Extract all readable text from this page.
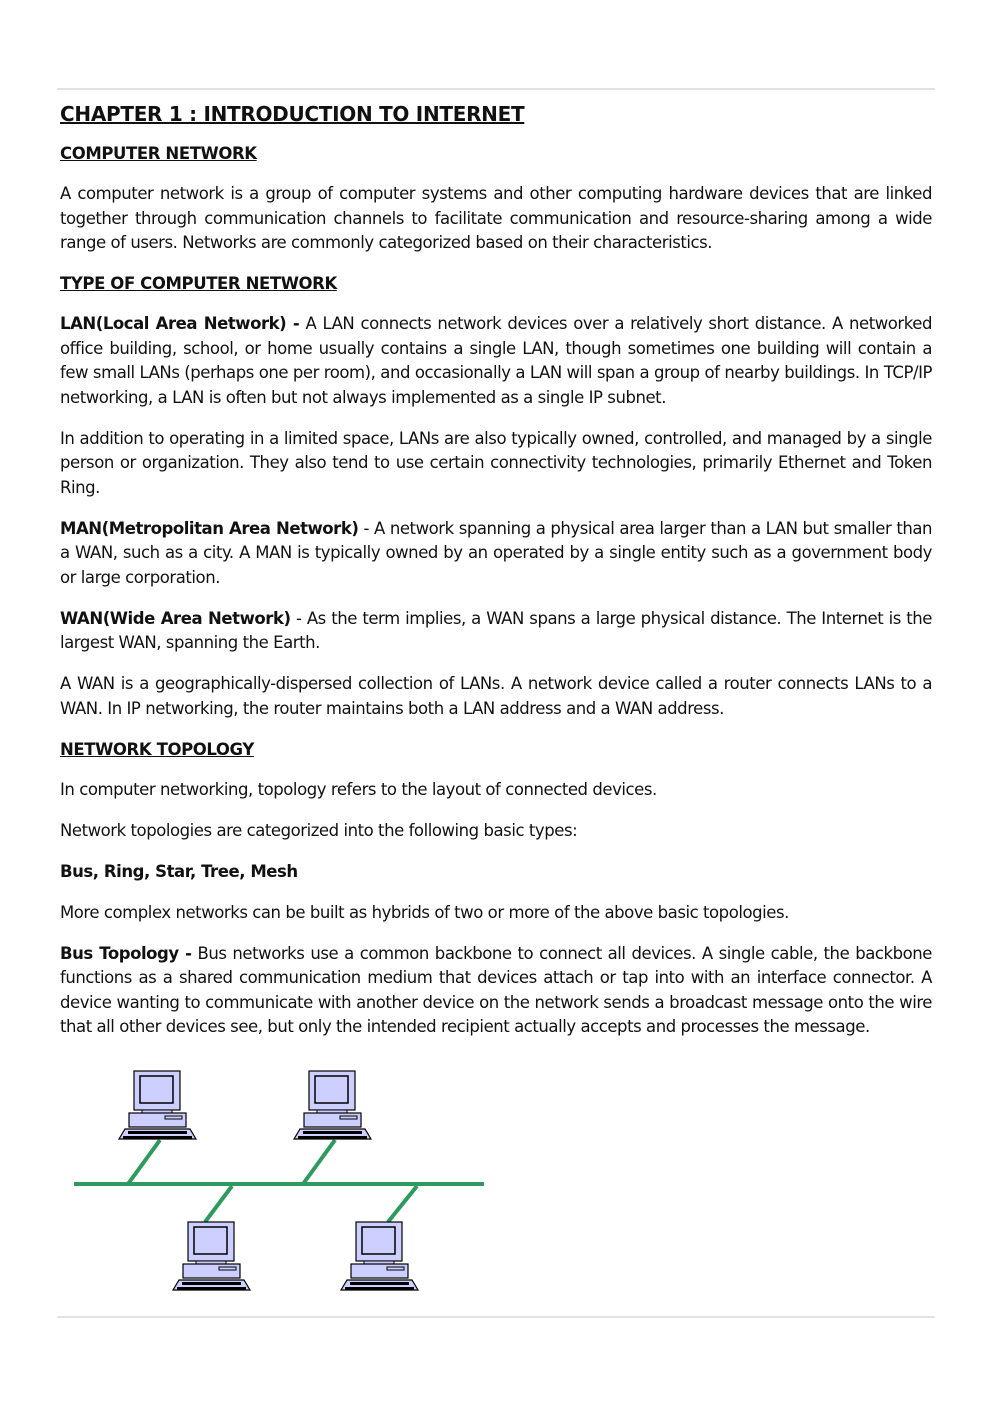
CHAPTER 1 : INTRODUCTION TO INTERNET
COMPUTER NETWORK

A computer network is a group of computer systems and other computing hardware devices that are linked together through communication channels to facilitate communication and resource-sharing among a wide range of users. Networks are commonly categorized based on their characteristics.

TYPE OF COMPUTER NETWORK

LAN(Local Area Network) - A LAN connects network devices over a relatively short distance. A networked office building, school, or home usually contains a single LAN, though sometimes one building will contain a few small LANs (perhaps one per room), and occasionally a LAN will span a group of nearby buildings. In TCP/IP networking, a LAN is often but not always implemented as a single IP subnet.

In addition to operating in a limited space, LANs are also typically owned, controlled, and managed by a single person or organization. They also tend to use certain connectivity technologies, primarily Ethernet and Token Ring.

MAN(Metropolitan Area Network) - A network spanning a physical area larger than a LAN but smaller than a WAN, such as a city. A MAN is typically owned by an operated by a single entity such as a government body or large corporation.

WAN(Wide Area Network) - As the term implies, a WAN spans a large physical distance. The Internet is the largest WAN, spanning the Earth.

A WAN is a geographically-dispersed collection of LANs. A network device called a router connects LANs to a WAN. In IP networking, the router maintains both a LAN address and a WAN address.

NETWORK TOPOLOGY

In computer networking, topology refers to the layout of connected devices.

Network topologies are categorized into the following basic types:

Bus, Ring, Star, Tree, Mesh

More complex networks can be built as hybrids of two or more of the above basic topologies.

Bus Topology - Bus networks use a common backbone to connect all devices. A single cable, the backbone functions as a shared communication medium that devices attach or tap into with an interface connector. A device wanting to communicate with another device on the network sends a broadcast message onto the wire that all other devices see, but only the intended recipient actually accepts and processes the message.
